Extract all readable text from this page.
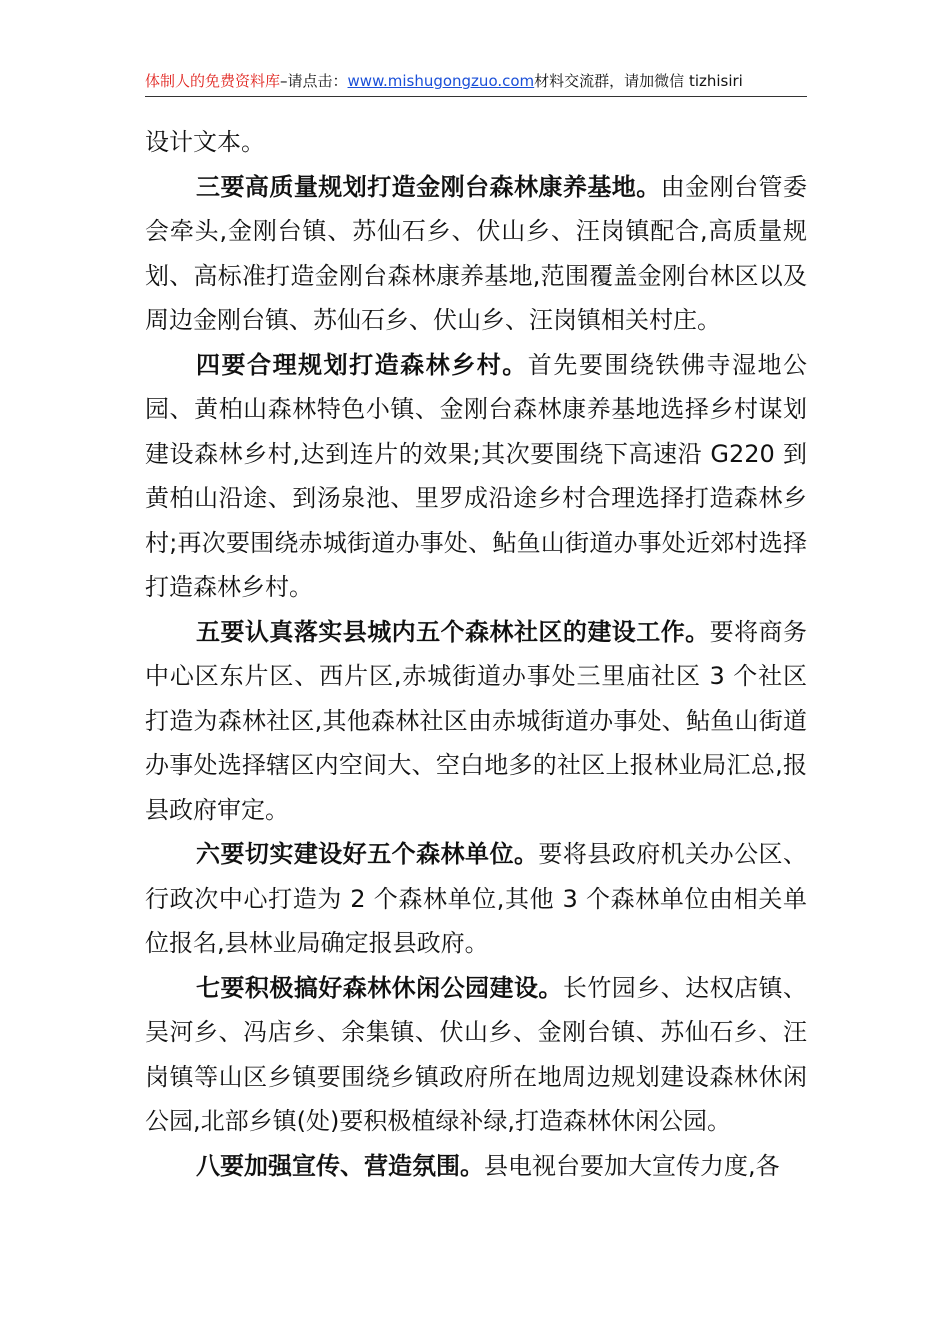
体制人的免费资料库–请点击：www.mishugongzuo.com材料交流群，请加微信 tizhisiri

设计文本。

三要高质量规划打造金刚台森林康养基地。由金刚台管委会牵头,金刚台镇、苏仙石乡、伏山乡、汪岗镇配合,高质量规划、高标准打造金刚台森林康养基地,范围覆盖金刚台林区以及周边金刚台镇、苏仙石乡、伏山乡、汪岗镇相关村庄。

四要合理规划打造森林乡村。首先要围绕铁佛寺湿地公园、黄柏山森林特色小镇、金刚台森林康养基地选择乡村谋划建设森林乡村,达到连片的效果;其次要围绕下高速沿 G220 到黄柏山沿途、到汤泉池、里罗成沿途乡村合理选择打造森林乡村;再次要围绕赤城街道办事处、鲇鱼山街道办事处近郊村选择打造森林乡村。

五要认真落实县城内五个森林社区的建设工作。要将商务中心区东片区、西片区,赤城街道办事处三里庙社区 3 个社区打造为森林社区,其他森林社区由赤城街道办事处、鲇鱼山街道办事处选择辖区内空间大、空白地多的社区上报林业局汇总,报县政府审定。

六要切实建设好五个森林单位。要将县政府机关办公区、行政次中心打造为 2 个森林单位,其他 3 个森林单位由相关单位报名,县林业局确定报县政府。

七要积极搞好森林休闲公园建设。长竹园乡、达权店镇、吴河乡、冯店乡、余集镇、伏山乡、金刚台镇、苏仙石乡、汪岗镇等山区乡镇要围绕乡镇政府所在地周边规划建设森林休闲公园,北部乡镇(处)要积极植绿补绿,打造森林休闲公园。

八要加强宣传、营造氛围。县电视台要加大宣传力度,各
